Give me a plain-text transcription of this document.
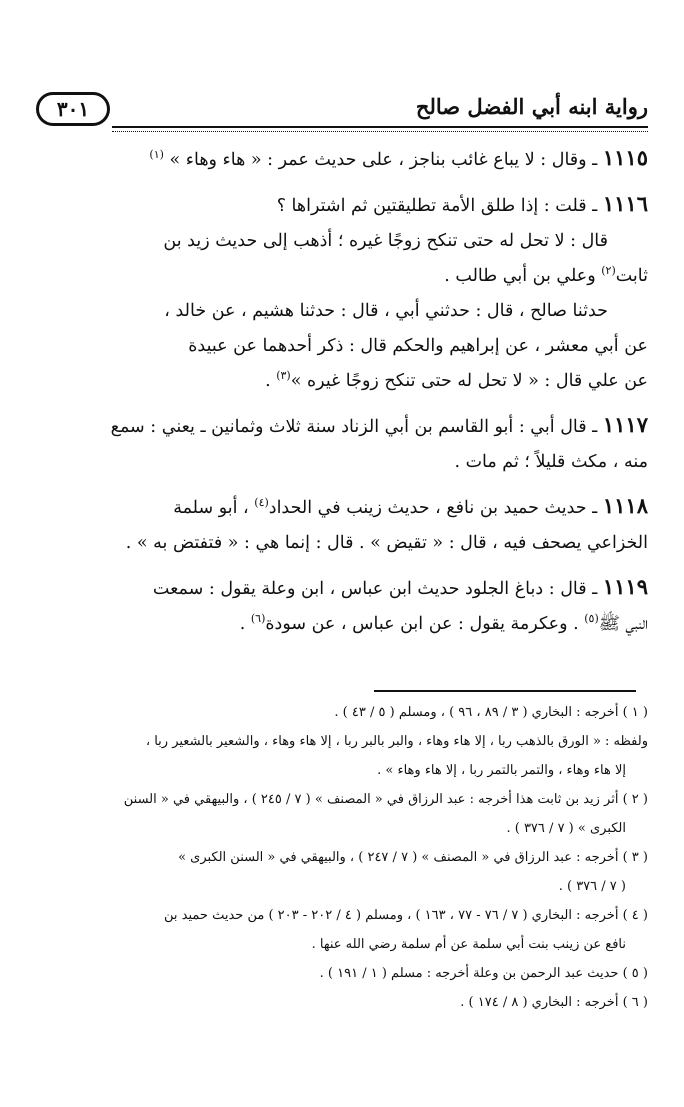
٣٠١	رواية ابنه أبي الفضل صالح
١١١٥ ـ وقال : لا يباع غائب بناجز ، على حديث عمر : « هاء وهاء » $^{(١)}$
١١١٦ ـ قلت : إذا طلق الأمة تطليقتين ثم اشتراها ؟
قال : لا تحل له حتى تنكح زوجًا غيره ؛ أذهب إلى حديث زيد بن
ثابت$^{(٢)}$ وعلي بن أبي طالب .
حدثنا صالح ، قال : حدثني أبي ، قال : حدثنا هشيم ، عن خالد ،
عن أبي معشر ، عن إبراهيم والحكم قال : ذكر أحدهما عن عبيدة
عن علي قال : « لا تحل له حتى تنكح زوجًا غيره »$^{(٣)}$ .
١١١٧ ـ قال أبي : أبو القاسم بن أبي الزناد سنة ثلاث وثمانين ـ يعني : سمع
منه ، مكث قليلاً ؛ ثم مات .
١١١٨ ـ حديث حميد بن نافع ، حديث زينب في الحداد$^{(٤)}$ ، أبو سلمة
الخزاعي يصحف فيه ، قال : « تقيض » . قال : إنما هي : « فتفتض به » .
١١١٩ ـ قال : دباغ الجلود حديث ابن عباس ، ابن وعلة يقول : سمعت
النبي ﷺ$^{(٥)}$ . وعكرمة يقول : عن ابن عباس ، عن سودة$^{(٦)}$ .
( ١ ) أخرجه : البخاري ( ٣ / ٨٩ ، ٩٦ ) ، ومسلم ( ٥ / ٤٣ ) .
ولفظه : « الورق بالذهب ربا ، إلا هاء وهاء ، والبر بالبر ربا ، إلا هاء وهاء ، والشعير بالشعير ربا ،
إلا هاء وهاء ، والتمر بالتمر ربا ، إلا هاء وهاء » .
( ٢ ) أثر زيد بن ثابت هذا أخرجه : عبد الرزاق في « المصنف » ( ٧ / ٢٤٥ ) ، والبيهقي في « السنن
الكبرى » ( ٧ / ٣٧٦ ) .
( ٣ ) أخرجه : عبد الرزاق في « المصنف » ( ٧ / ٢٤٧ ) ، والبيهقي في « السنن الكبرى »
( ٧ / ٣٧٦ ) .
( ٤ ) أخرجه : البخاري ( ٧ / ٧٦ - ٧٧ ، ١٦٣ ) ، ومسلم ( ٤ / ٢٠٢ - ٢٠٣ ) من حديث حميد بن
نافع عن زينب بنت أبي سلمة عن أم سلمة رضي الله عنها .
( ٥ ) حديث عبد الرحمن بن وعلة أخرجه : مسلم ( ١ / ١٩١ ) .
( ٦ ) أخرجه : البخاري ( ٨ / ١٧٤ ) .
